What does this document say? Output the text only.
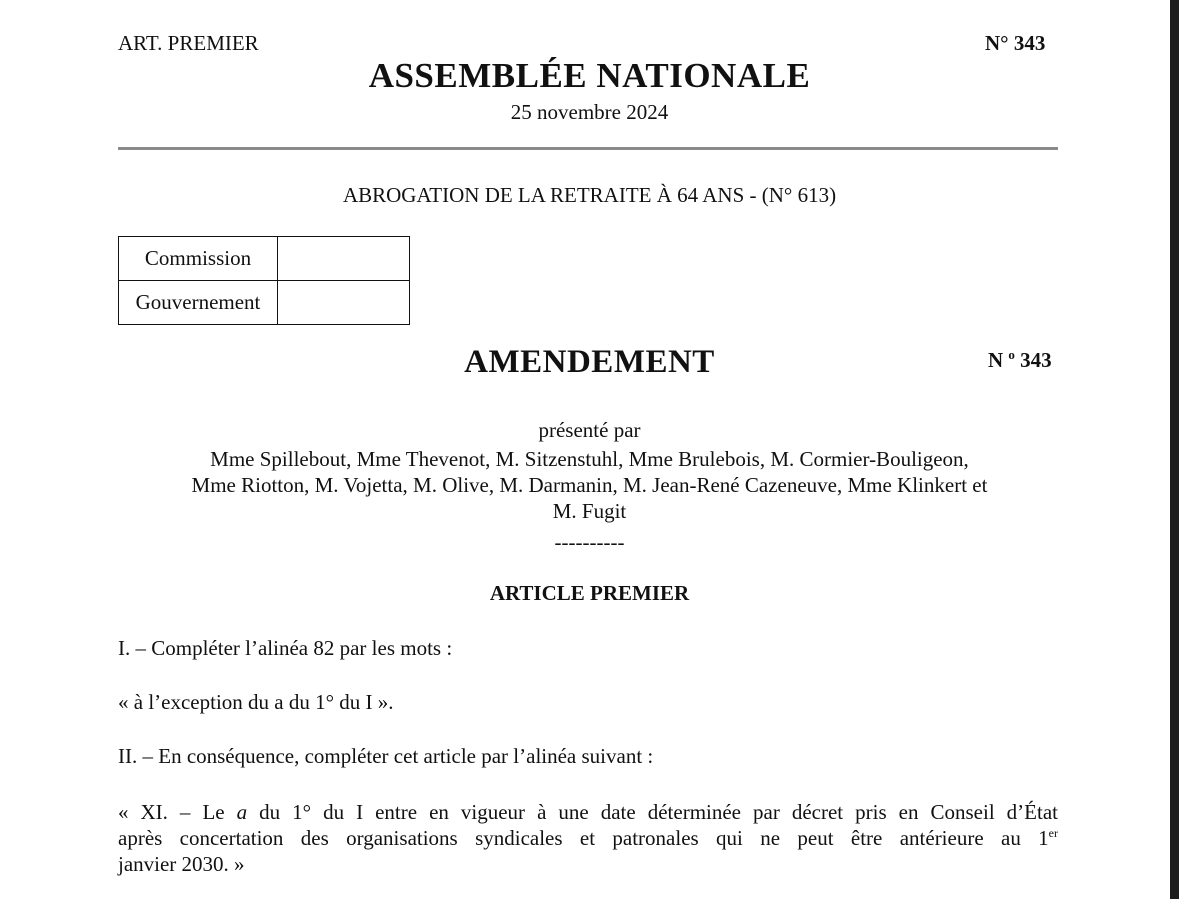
ART. PREMIER	N° 343
ASSEMBLÉE NATIONALE
25 novembre 2024
ABROGATION DE LA RETRAITE À 64 ANS - (N° 613)
Commission	
Gouvernement	
AMENDEMENT	N $^o$ 343
présenté par
Mme Spillebout, Mme Thevenot, M. Sitzenstuhl, Mme Brulebois, M. Cormier-Bouligeon,
Mme Riotton, M. Vojetta, M. Olive, M. Darmanin, M. Jean-René Cazeneuve, Mme Klinkert et
M. Fugit
----------
ARTICLE PREMIER
I. – Compléter l’alinéa 82 par les mots :
« à l’exception du a du 1° du I ».
II. – En conséquence, compléter cet article par l’alinéa suivant :
« XI. – Le a du 1° du I entre en vigueur à une date déterminée par décret pris en Conseil d’État
après concertation des organisations syndicales et patronales qui ne peut être antérieure au 1er
janvier 2030. »
